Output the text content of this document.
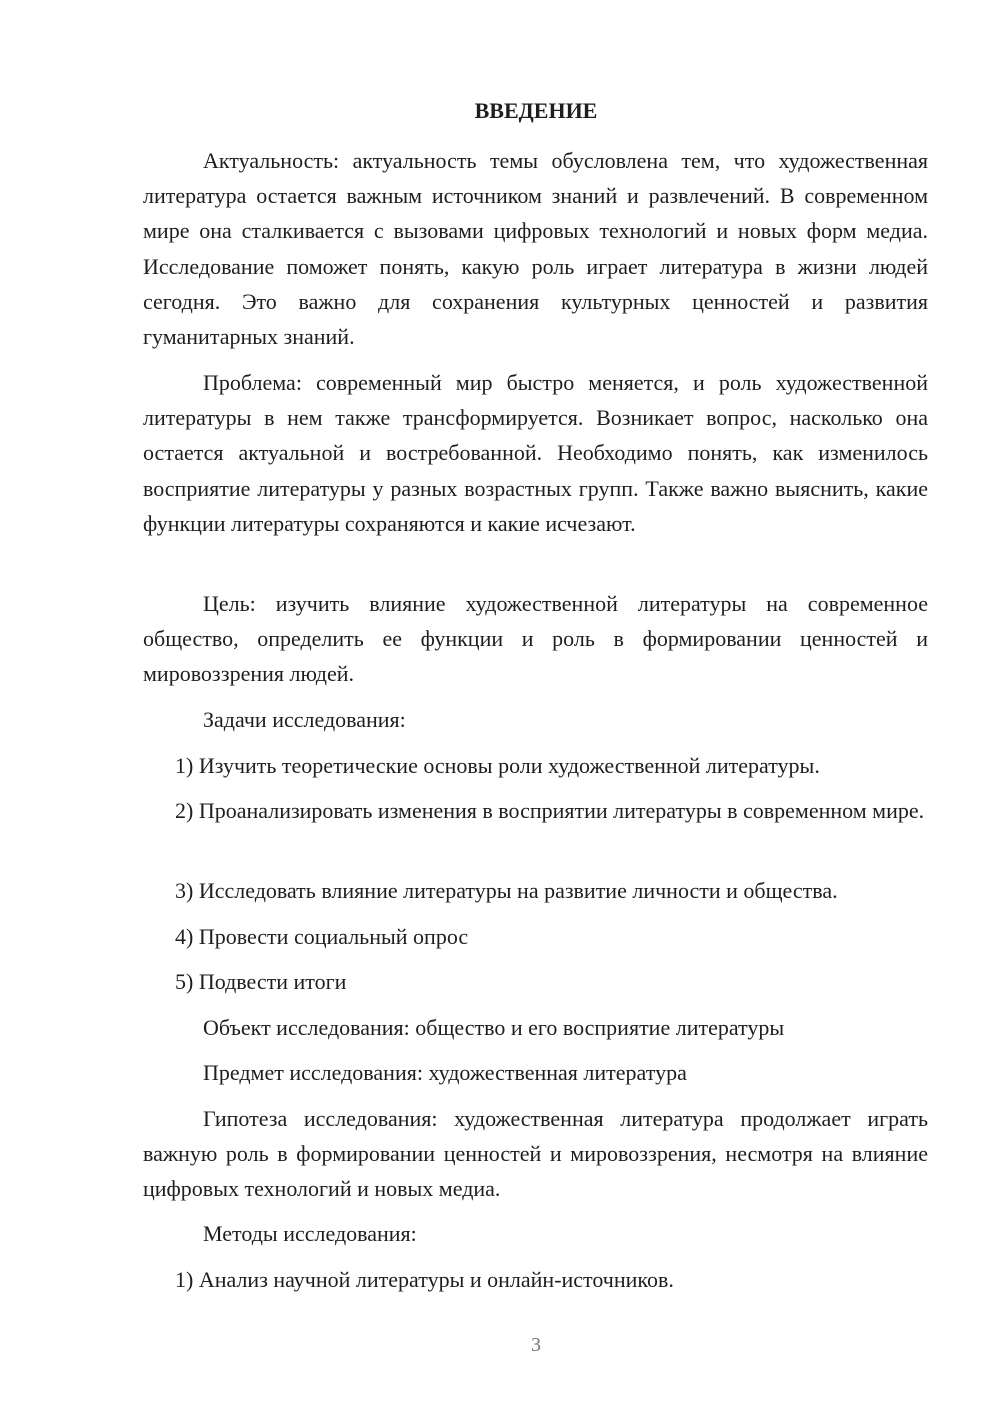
ВВЕДЕНИЕ
Актуальность: актуальность темы обусловлена тем, что художественная литература остается важным источником знаний и развлечений. В современном мире она сталкивается с вызовами цифровых технологий и новых форм медиа. Исследование поможет понять, какую роль играет литература в жизни людей сегодня. Это важно для сохранения культурных ценностей и развития гуманитарных знаний.
Проблема: современный мир быстро меняется, и роль художественной литературы в нем также трансформируется. Возникает вопрос, насколько она остается актуальной и востребованной. Необходимо понять, как изменилось восприятие литературы у разных возрастных групп. Также важно выяснить, какие функции литературы сохраняются и какие исчезают.
Цель: изучить влияние художественной литературы на современное общество, определить ее функции и роль в формировании ценностей и мировоззрения людей.
Задачи исследования:
1) Изучить теоретические основы роли художественной литературы.
2) Проанализировать изменения в восприятии литературы в современном мире.
3) Исследовать влияние литературы на развитие личности и общества.
4) Провести социальный опрос
5) Подвести итоги
Объект исследования: общество и его восприятие литературы
Предмет исследования: художественная литература
Гипотеза исследования: художественная литература продолжает играть важную роль в формировании ценностей и мировоззрения, несмотря на влияние цифровых технологий и новых медиа.
Методы исследования:
1) Анализ научной литературы и онлайн-источников.
3
